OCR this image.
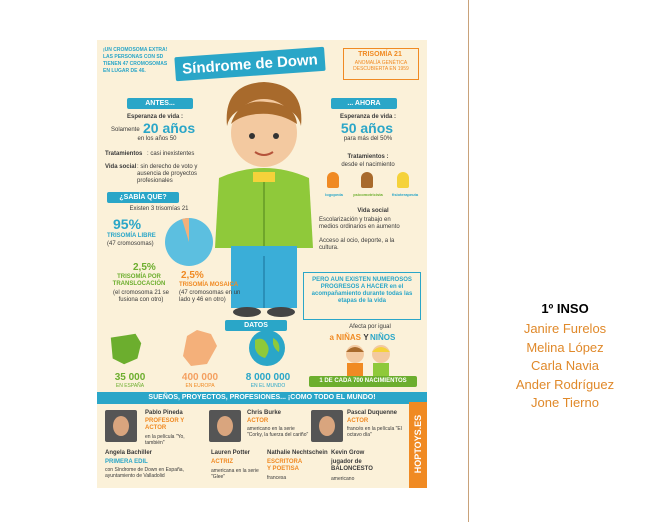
¡UN CROMOSOMA EXTRA! LAS PERSONAS CON SD TIENEN 47 CROMOSOMAS EN LUGAR DE 46.	Síndrome de Down	TRISOMÍA 21
ANOMALÍA GENÉTICA DESCUBIERTA EN 1959
ANTES...
Esperanza de vida :
Solamente 20 años
en los años 50
Tratamientos : casi inexistentes
Vida social : sin derecho de voto y ausencia de proyectos profesionales
¿SABÍA QUE?
Existen 3 trisomías 21
95%
TRISOMÍA LIBRE
(47 cromosomas)
2,5%
TRISOMÍA POR TRANSLOCACIÓN
(el cromosoma 21 se fusiona con otro)
2,5%
TRISOMÍA MOSAICA
(47 cromosomas en un lado y 46 en otro)
... AHORA
Esperanza de vida :
50 años
para más del 50%
Tratamientos :
desde el nacimiento
logopeda	psicomotricista	fisioterapeuta
Vida social
Escolarización y trabajo en medios ordinarios en aumento
Acceso al ocio, deporte, a la cultura.
PERO AUN EXISTEN NUMEROSOS PROGRESOS A HACER en el acompañamiento durante todas las etapas de la vida
DATOS
35 000
EN ESPAÑA
400 000
EN EUROPA
8 000 000
EN EL MUNDO
Afecta por igual
a NIÑAS Y NIÑOS
1 DE CADA 700 NACIMIENTOS
SUEÑOS, PROYECTOS, PROFESIONES... ¡COMO TODO EL MUNDO!
Pablo Pineda
PROFESOR Y ACTOR
en la película "Yo, también"
Chris Burke
ACTOR
americano en la serie "Corky, la fuerza del cariño"
Pascal Duquenne
ACTOR
francés en la película "El octavo día"
Angela Bachiller
PRIMERA EDIL
con Síndrome de Down en España, ayuntamiento de Valladolid
Lauren Potter
ACTRIZ
americana en la serie "Glee"
Nathalie Nechtschein
ESCRITORA Y POETISA
francesa
Kevin Grow
jugador de BALONCESTO
americano
HOPTOYS.ES
1º INSO
Janire Furelos
Melina López
Carla Navia
Ander Rodríguez
Jone Tierno
